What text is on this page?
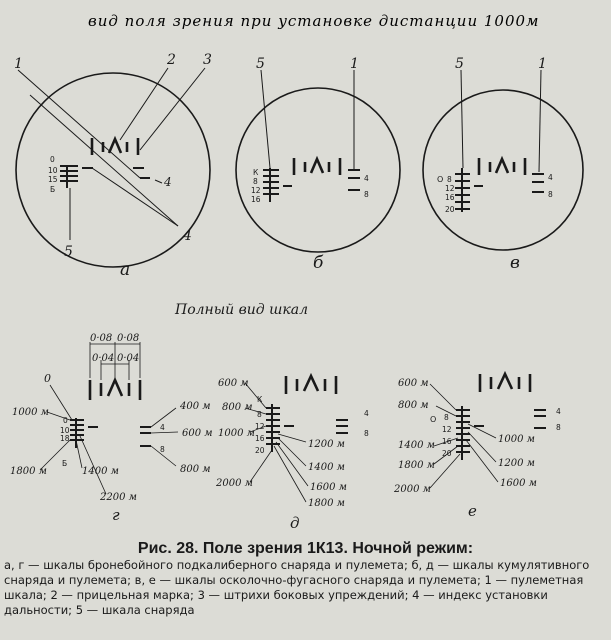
вид поля зрения при установке дистанции 1000м
1	2 3
4
4
5
0
10
15
Б
а
5	1
К
8
12
16
4
8
б
5	1
О 8
12
16
20
4
8
в
Полный вид шкал
0·08 0·08
0·04 0·04
0
1000 м
0
10
18
Б
1800 м
400 м
600 м
4
8
800 м
1400 м
2200 м
г
600 м
800 м
К
1000 м
8
12
16
20
2000 м
4
8
1200 м
1400 м
1600 м
1800 м
д
600 м
800 м
О 8
12
16
20
1400 м
1800 м
2000 м
4
8
1000 м
1200 м
1600 м
е
Рис. 28. Поле зрения 1К13. Ночной режим:
а, г — шкалы бронебойного подкалиберного снаряда и пулемета; б, д — шкалы кумулятивного снаряда и пулемета; в, е — шкалы осколочно-фугасного снаряда и пулемета; 1 — пулеметная шкала; 2 — прицельная марка; 3 — штрихи боковых упреждений; 4 — индекс установки дальности; 5 — шкала снаряда
